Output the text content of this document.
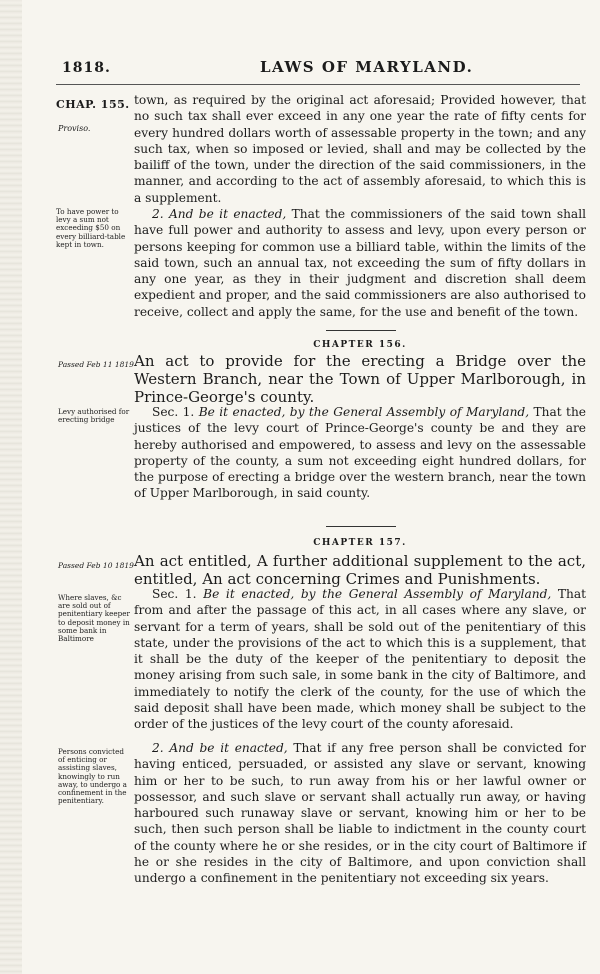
1818.	LAWS OF MARYLAND.
CHAP. 155.
Proviso.
town, as required by the original act aforesaid; Provided however, that no such tax shall ever exceed in any one year the rate of fifty cents for every hundred dollars worth of assessable property in the town; and any such tax, when so imposed or levied, shall and may be collected by the bailiff of the town, under the direction of the said commissioners, in the manner, and according to the act of assembly aforesaid, to which this is a supplement.
To have power to levy a sum not exceeding $50 on every billiard-table kept in town.
2. And be it enacted, That the commissioners of the said town shall have full power and authority to assess and levy, upon every person or persons keeping for common use a billiard table, within the limits of the said town, such an annual tax, not exceeding the sum of fifty dollars in any one year, as they in their judgment and discretion shall deem expedient and proper, and the said commissioners are also authorised to receive, collect and apply the same, for the use and benefit of the town.
CHAPTER 156.
Passed Feb 11 1819 An act to provide for the erecting a Bridge over the Western Branch, near the Town of Upper Marlborough, in Prince-George's county.
Levy authorised for erecting bridge
Sec. 1. Be it enacted, by the General Assembly of Maryland, That the justices of the levy court of Prince-George's county be and they are hereby authorised and empowered, to assess and levy on the assessable property of the county, a sum not exceeding eight hundred dollars, for the purpose of erecting a bridge over the western branch, near the town of Upper Marlborough, in said county.
CHAPTER 157.
Passed Feb 10 1819 An act entitled, A further additional supplement to the act, entitled, An act concerning Crimes and Punishments.
Where slaves, &c are sold out of penitentiary keeper to deposit money in some bank in Baltimore
Sec. 1. Be it enacted, by the General Assembly of Maryland, That from and after the passage of this act, in all cases where any slave, or servant for a term of years, shall be sold out of the penitentiary of this state, under the provisions of the act to which this is a supplement, that it shall be the duty of the keeper of the penitentiary to deposit the money arising from such sale, in some bank in the city of Baltimore, and immediately to notify the clerk of the county, for the use of which the said deposit shall have been made, which money shall be subject to the order of the justices of the levy court of the county aforesaid.
Persons convicted of enticing or assisting slaves, knowingly to run away, to undergo a confinement in the penitentiary.
2. And be it enacted, That if any free person shall be convicted for having enticed, persuaded, or assisted any slave or servant, knowing him or her to be such, to run away from his or her lawful owner or possessor, and such slave or servant shall actually run away, or having harboured such runaway slave or servant, knowing him or her to be such, then such person shall be liable to indictment in the county court of the county where he or she resides, or in the city court of Baltimore if he or she resides in the city of Baltimore, and upon conviction shall undergo a confinement in the penitentiary not exceeding six years.
